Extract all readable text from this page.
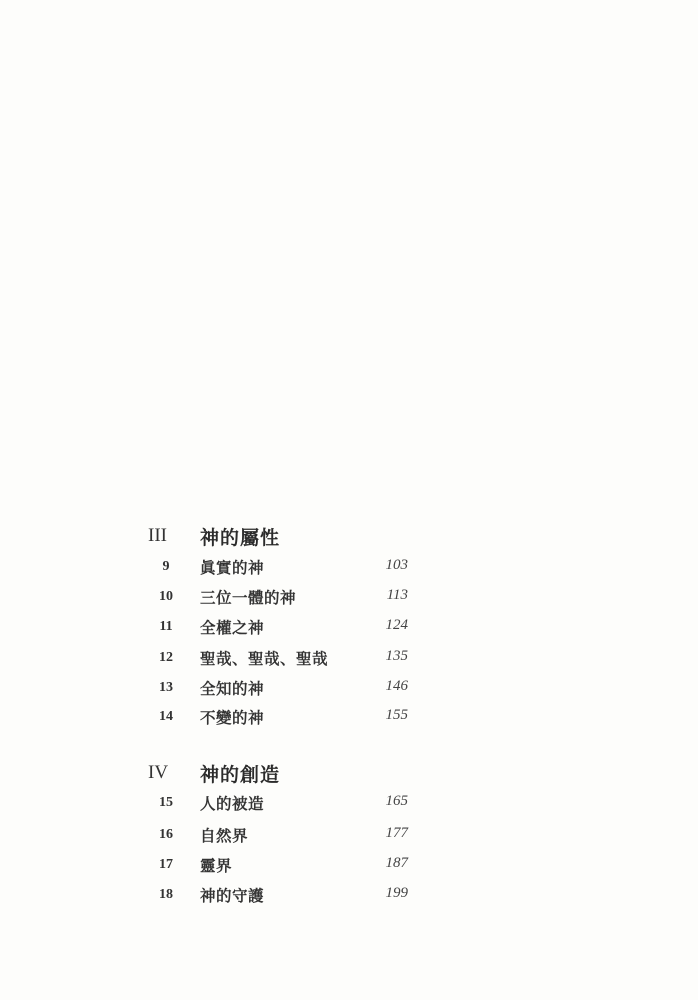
III 神的屬性
9	眞實的神	103
10	三位一體的神	113
11	全權之神	124
12	聖哉、聖哉、聖哉	135
13	全知的神	146
14	不變的神	155
IV 神的創造
15	人的被造	165
16	自然界	177
17	靈界	187
18	神的守護	199
